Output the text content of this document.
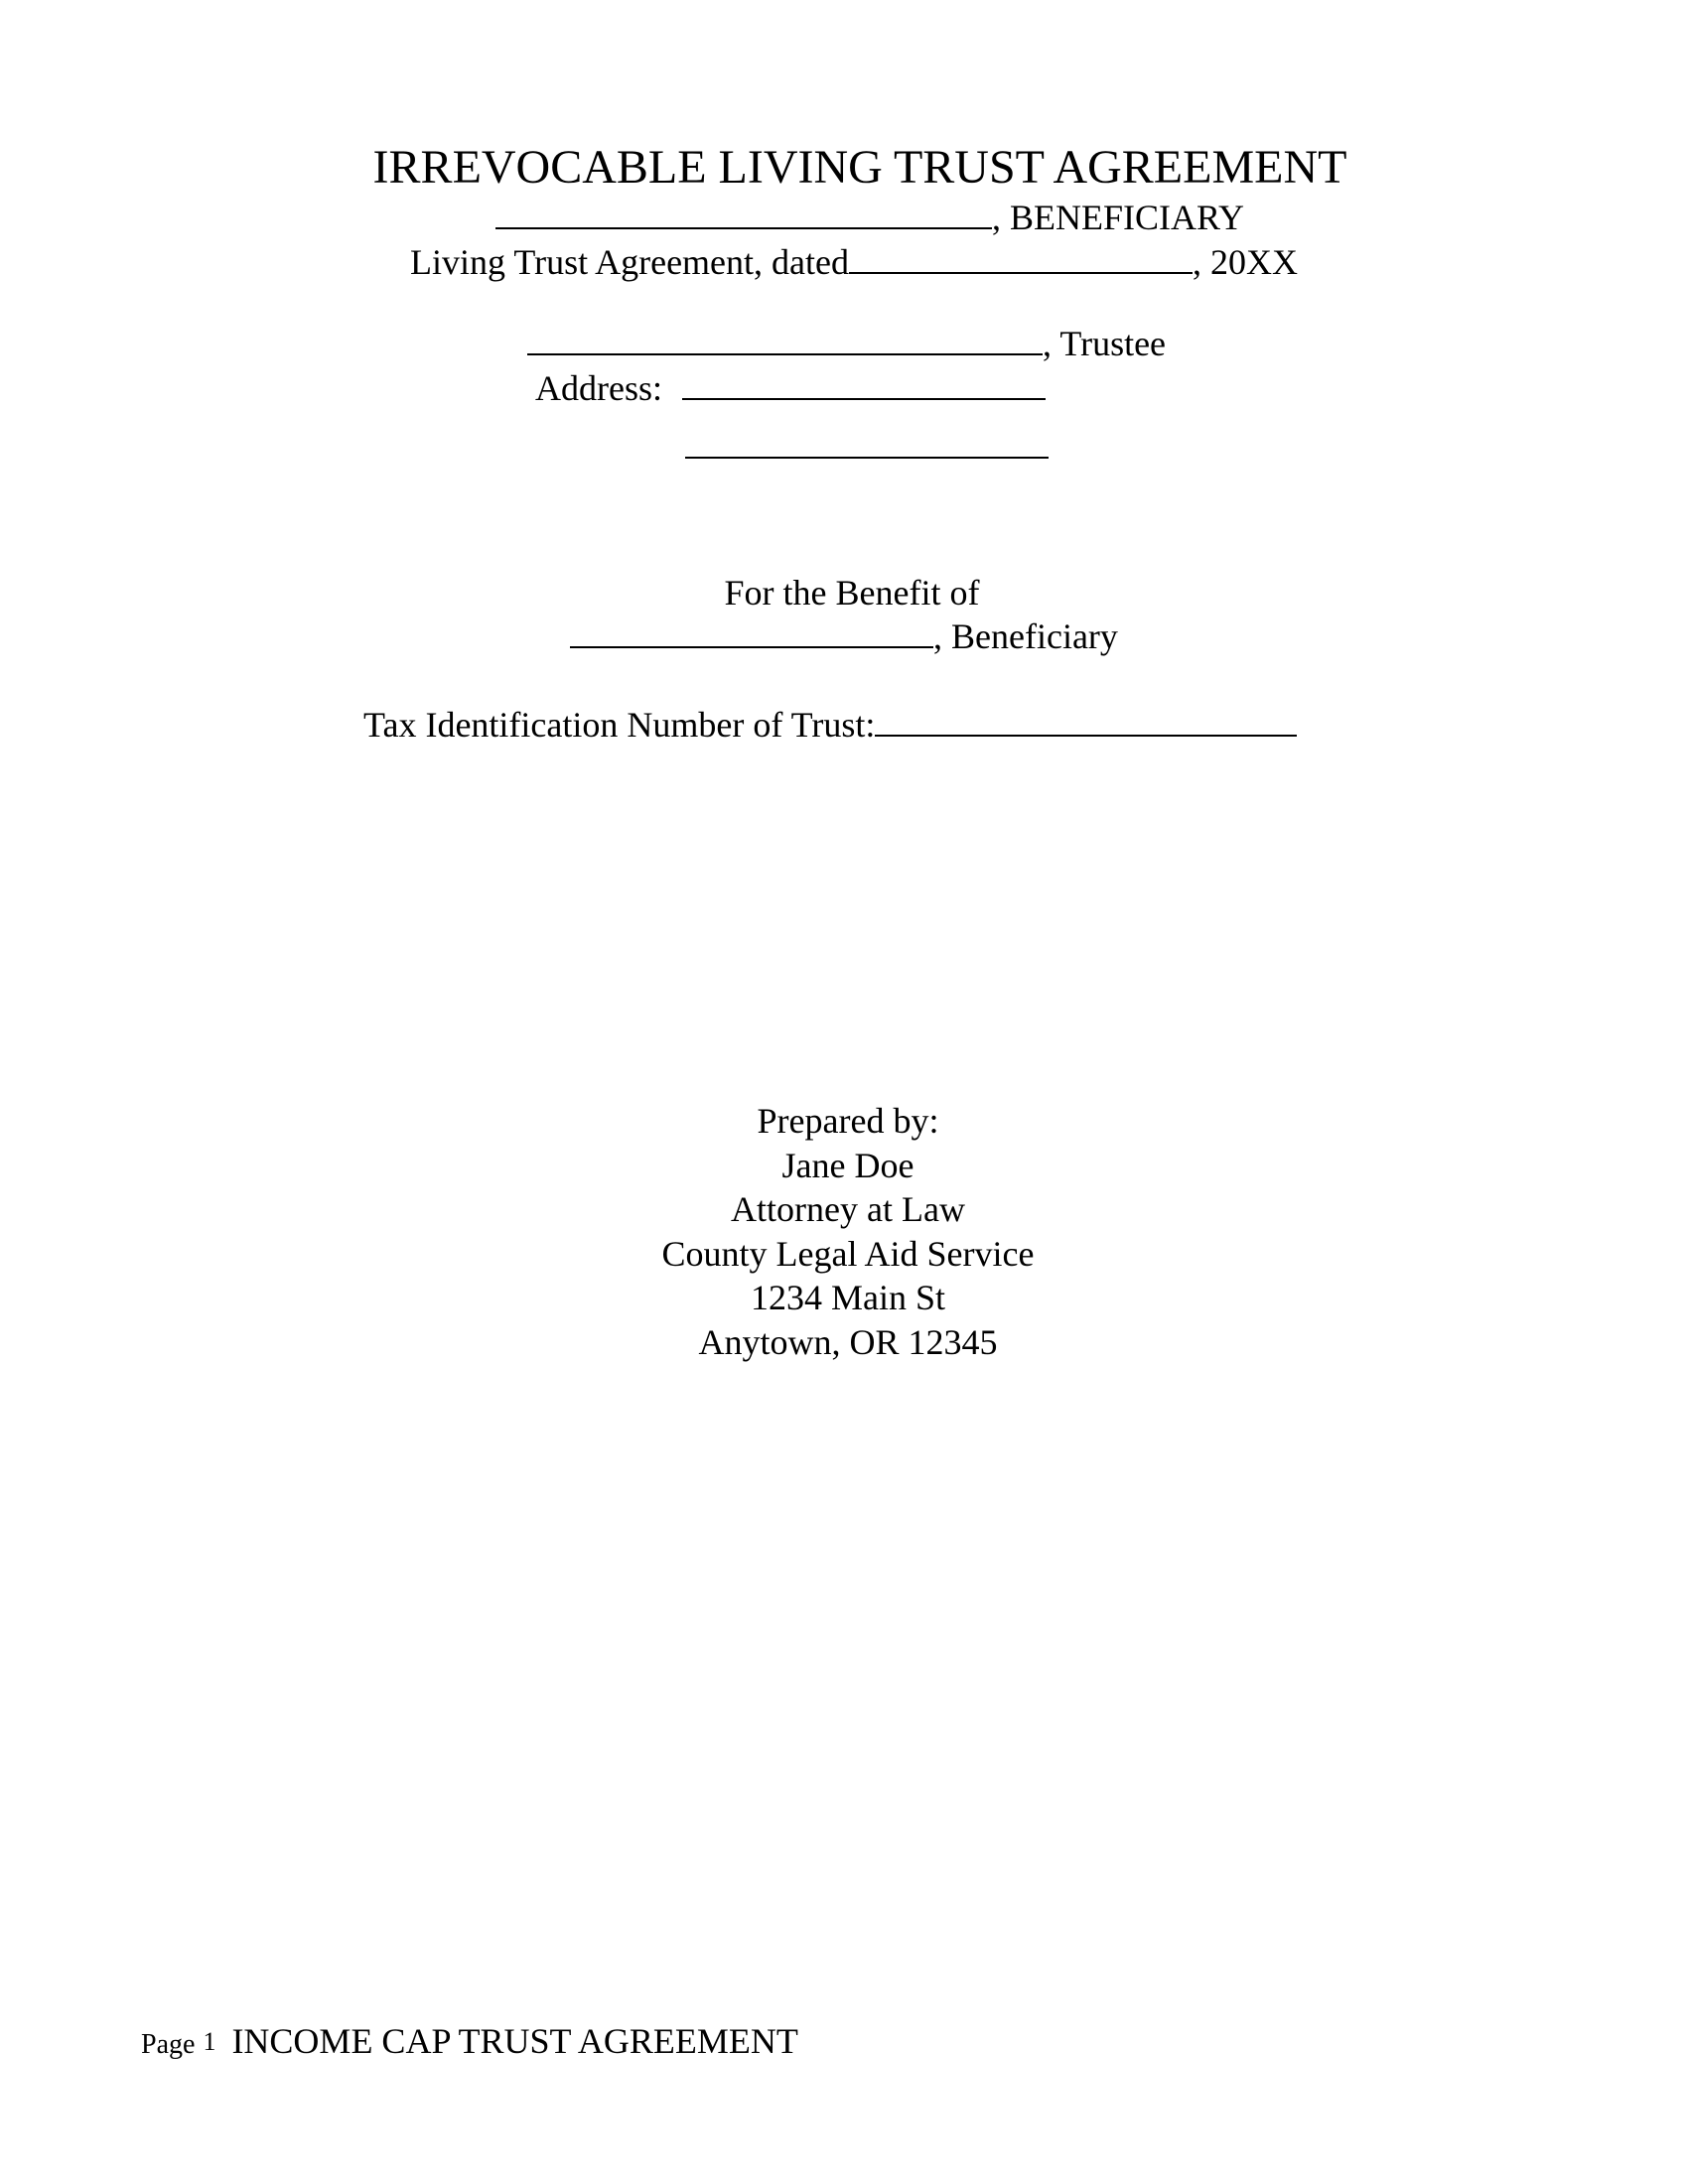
IRREVOCABLE LIVING TRUST AGREEMENT
, BENEFICIARY
Living Trust Agreement, dated	, 20XX
, Trustee
Address:
For the Benefit of
, Beneficiary
Tax Identification Number of Trust:
Prepared by:
Jane Doe
Attorney at Law
County Legal Aid Service
1234 Main St
Anytown, OR 12345
Page 1 INCOME CAP TRUST AGREEMENT
